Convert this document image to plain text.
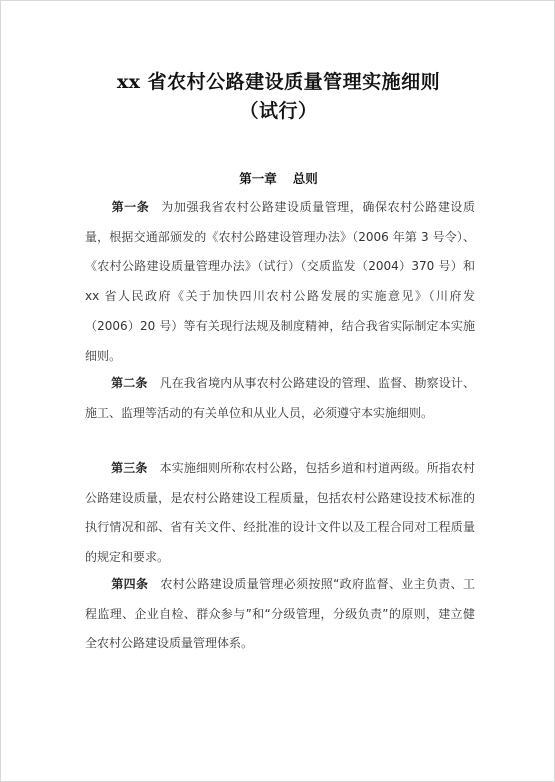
xx 省农村公路建设质量管理实施细则
（试行）
第一章 总则
第一条 为加强我省农村公路建设质量管理，确保农村公路建设质量，根据交通部颁发的《农村公路建设管理办法》（2006 年第 3 号令）、《农村公路建设质量管理办法》（试行）（交质监发（2004）370 号）和 xx 省人民政府《关于加快四川农村公路发展的实施意见》（川府发（2006）20 号）等有关现行法规及制度精神，结合我省实际制定本实施细则。
第二条 凡在我省境内从事农村公路建设的管理、监督、勘察设计、施工、监理等活动的有关单位和从业人员，必须遵守本实施细则。
第三条 本实施细则所称农村公路，包括乡道和村道两级。所指农村公路建设质量，是农村公路建设工程质量，包括农村公路建设技术标准的执行情况和部、省有关文件、经批准的设计文件以及工程合同对工程质量的规定和要求。
第四条 农村公路建设质量管理必须按照“政府监督、业主负责、工程监理、企业自检、群众参与”和“分级管理，分级负责”的原则，建立健全农村公路建设质量管理体系。
